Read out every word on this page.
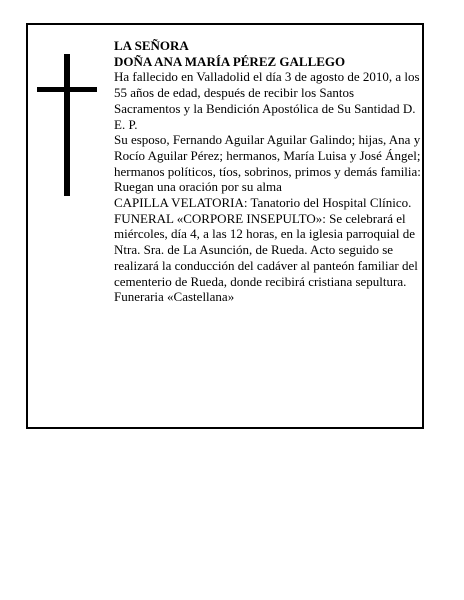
LA SEÑORA

DOÑA ANA MARÍA PÉREZ GALLEGO

Ha fallecido en Valladolid el día 3 de agosto de 2010, a los 55 años de edad, después de recibir los Santos Sacramentos y la Bendición Apostólica de Su Santidad D. E. P.

Su esposo, Fernando Aguilar Aguilar Galindo; hijas, Ana y Rocío Aguilar Pérez; hermanos, María Luisa y José Ángel; hermanos políticos, tíos, sobrinos, primos y demás familia:

Ruegan una oración por su alma

CAPILLA VELATORIA: Tanatorio del Hospital Clínico.

FUNERAL «CORPORE INSEPULTO»: Se celebrará el miércoles, día 4, a las 12 horas, en la iglesia parroquial de Ntra. Sra. de La Asunción, de Rueda. Acto seguido se realizará la conducción del cadáver al panteón familiar del cementerio de Rueda, donde recibirá cristiana sepultura.

Funeraria «Castellana»
